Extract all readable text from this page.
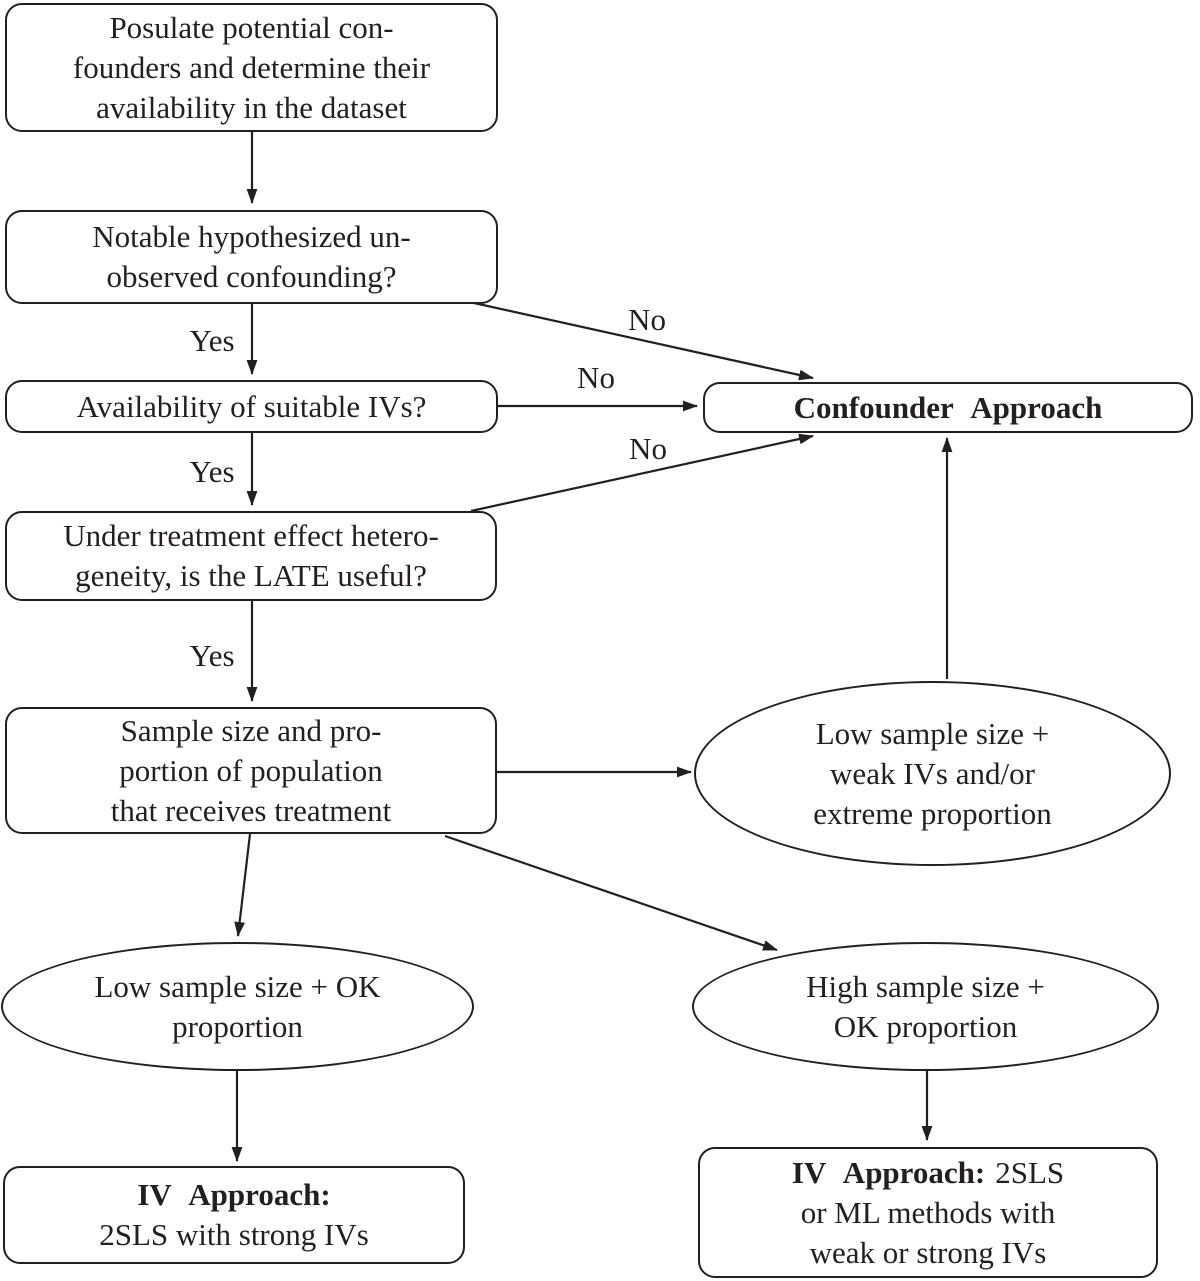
Posulate potential con-
founders and determine their
availability in the dataset
Notable hypothesized un-
observed confounding?
Availability of suitable IVs?
Under treatment effect hetero-
geneity, is the LATE useful?
Sample size and pro-
portion of population
that receives treatment
Confounder Approach
IV Approach:
2SLS with strong IVs
IV Approach: 2SLS
or ML methods with
weak or strong IVs
Low sample size +
weak IVs and/or
extreme proportion
Low sample size + OK
proportion
High sample size +
OK proportion
Yes
Yes
Yes
No
No
No
